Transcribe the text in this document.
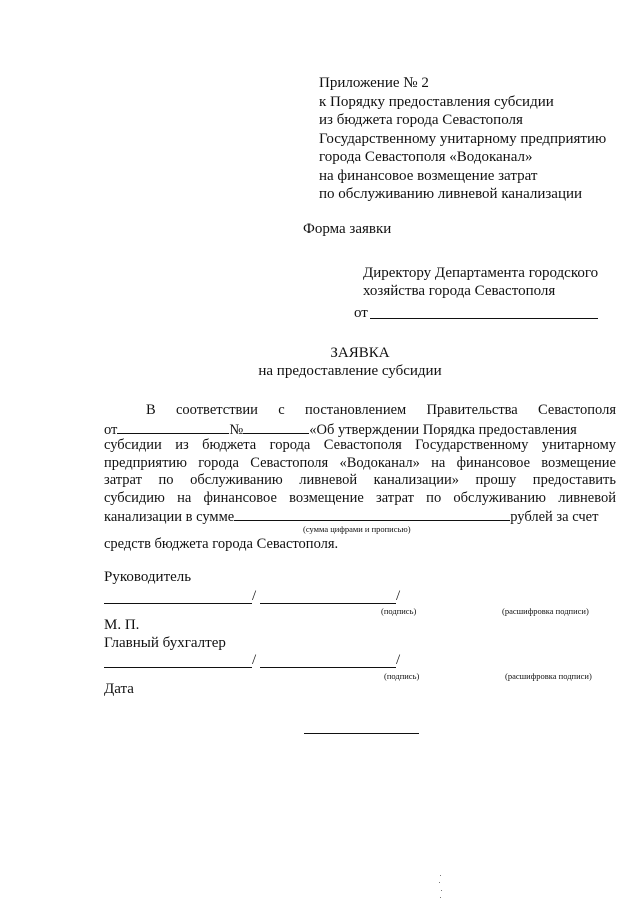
Приложение № 2
к Порядку предоставления субсидии
из бюджета города Севастополя
Государственному унитарному предприятию
города Севастополя «Водоканал»
на финансовое возмещение затрат
по обслуживанию ливневой канализации
Форма заявки
Директору Департамента городского
хозяйства города Севастополя
от
ЗАЯВКА
на предоставление субсидии
В соответствии с постановлением Правительства Севастополя
от	№	«Об утверждении Порядка предоставления
субсидии из бюджета города Севастополя Государственному унитарному
предприятию города Севастополя «Водоканал» на финансовое возмещение
затрат по обслуживанию ливневой канализации» прошу предоставить
субсидию на финансовое возмещение затрат по обслуживанию ливневой
канализации в сумме	рублей за счет
(сумма цифрами и прописью)
средств бюджета города Севастополя.
Руководитель
/	/
(подпись)	(расшифровка подписи)
М. П.
Главный бухгалтер
/	/
(подпись)	(расшифровка подписи)
Дата
